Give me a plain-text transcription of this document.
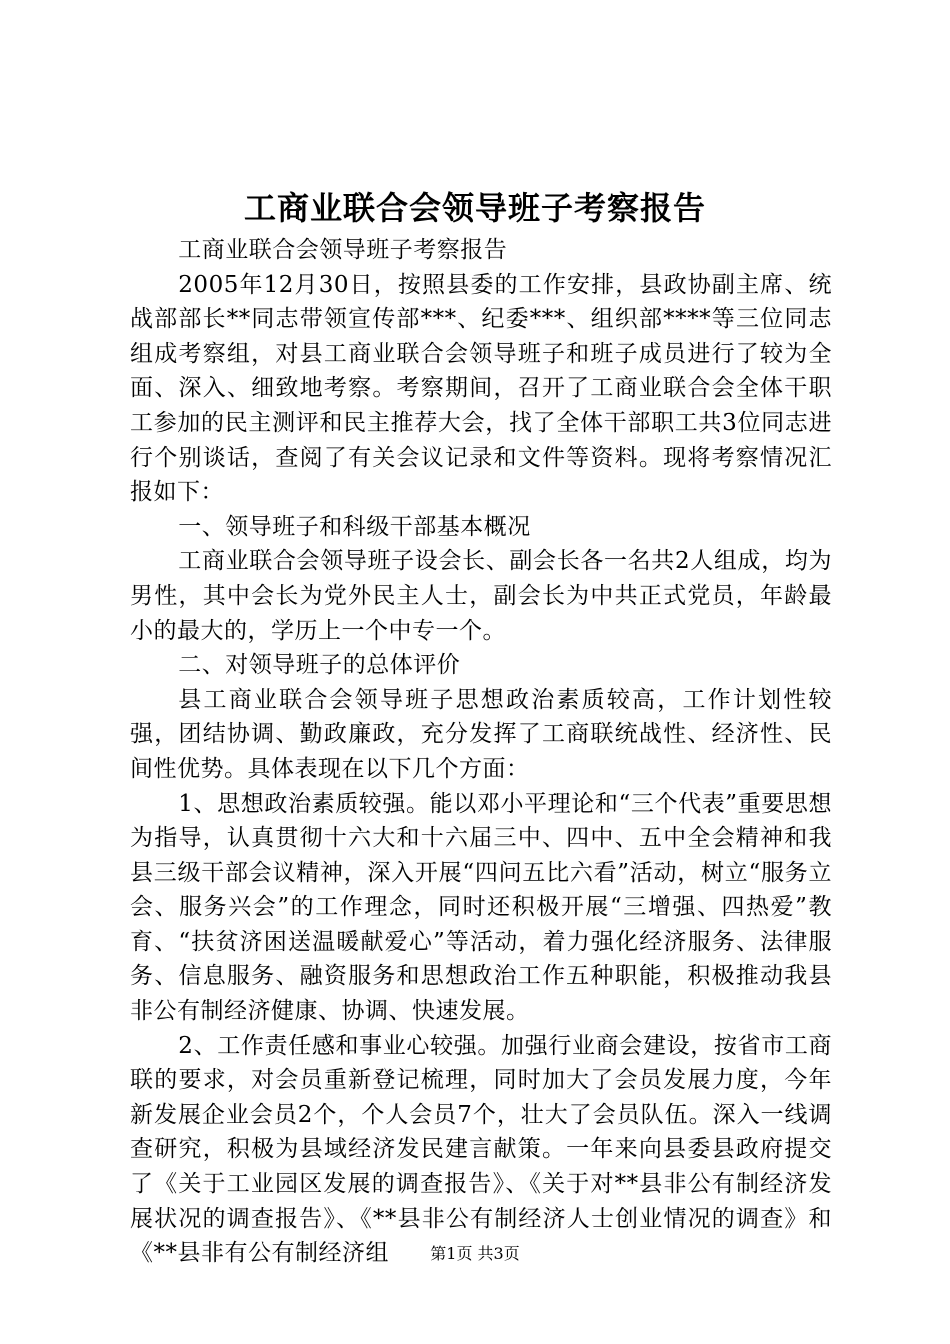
工商业联合会领导班子考察报告

工商业联合会领导班子考察报告

2005年12月30日，按照县委的工作安排，县政协副主席、统战部部长**同志带领宣传部***、纪委***、组织部****等三位同志组成考察组，对县工商业联合会领导班子和班子成员进行了较为全面、深入、细致地考察。考察期间，召开了工商业联合会全体干职工参加的民主测评和民主推荐大会，找了全体干部职工共3位同志进行个别谈话，查阅了有关会议记录和文件等资料。现将考察情况汇报如下：

一、领导班子和科级干部基本概况

工商业联合会领导班子设会长、副会长各一名共2人组成，均为男性，其中会长为党外民主人士，副会长为中共正式党员，年龄最小的最大的，学历上一个中专一个。

二、对领导班子的总体评价

县工商业联合会领导班子思想政治素质较高，工作计划性较强，团结协调、勤政廉政，充分发挥了工商联统战性、经济性、民间性优势。具体表现在以下几个方面：

1、思想政治素质较强。能以邓小平理论和“三个代表”重要思想为指导，认真贯彻十六大和十六届三中、四中、五中全会精神和我县三级干部会议精神，深入开展“四问五比六看”活动，树立“服务立会、服务兴会”的工作理念，同时还积极开展“三增强、四热爱”教育、“扶贫济困送温暖献爱心”等活动，着力强化经济服务、法律服务、信息服务、融资服务和思想政治工作五种职能，积极推动我县非公有制经济健康、协调、快速发展。

2、工作责任感和事业心较强。加强行业商会建设，按省市工商联的要求，对会员重新登记梳理，同时加大了会员发展力度，今年新发展企业会员2个，个人会员7个，壮大了会员队伍。深入一线调查研究，积极为县域经济发民建言献策。一年来向县委县政府提交了《关于工业园区发展的调查报告》、《关于对**县非公有制经济发展状况的调查报告》、《**县非公有制经济人士创业情况的调查》和《**县非有公有制经济组	第1页 共3页
